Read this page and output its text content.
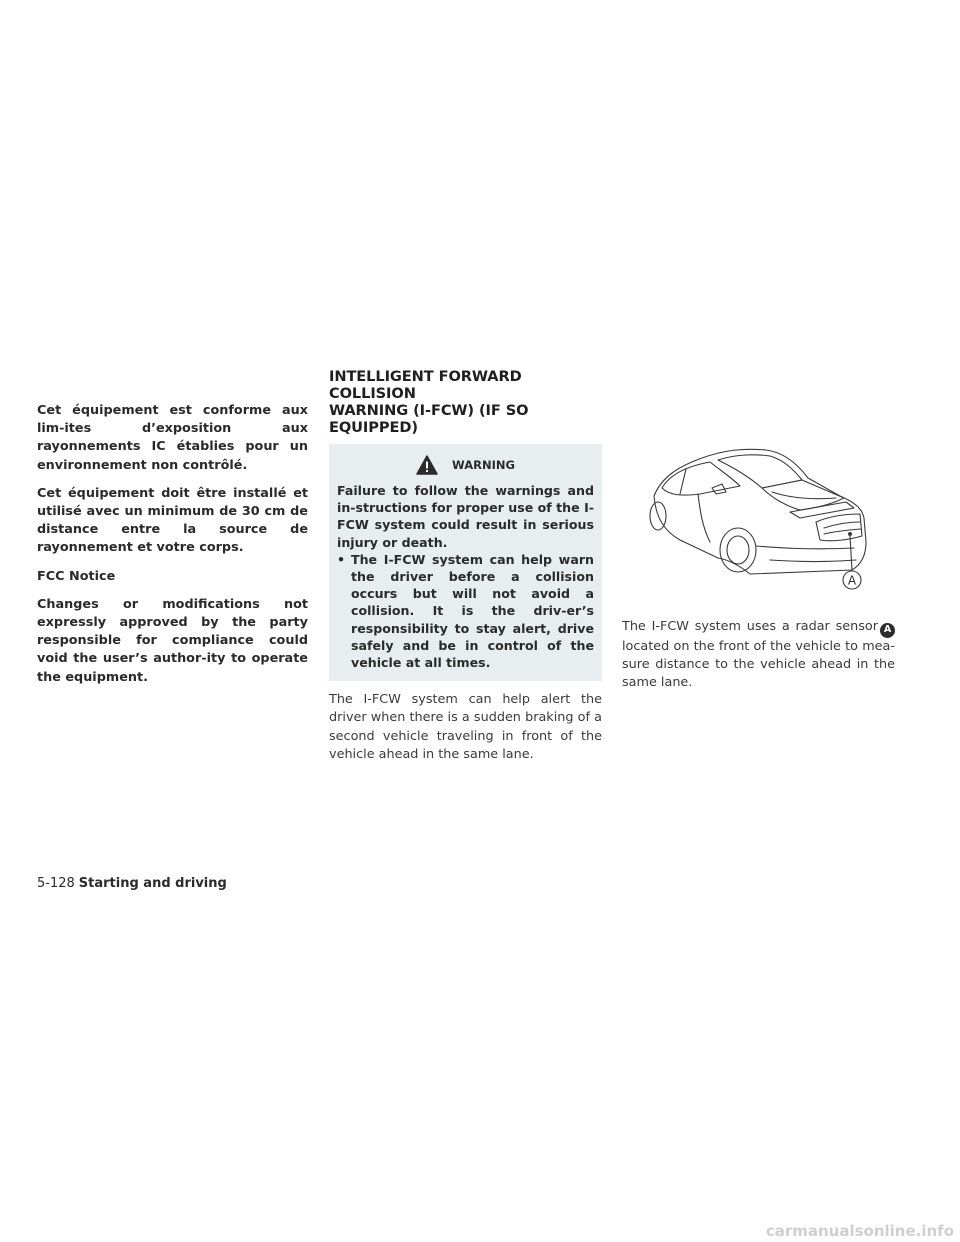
Cet équipement est conforme aux lim-ites d’exposition aux rayonnements IC établies pour un environnement non contrôlé.

Cet équipement doit être installé et utilisé avec un minimum de 30 cm de distance entre la source de rayonnement et votre corps.

FCC Notice

Changes or modifications not expressly approved by the party responsible for compliance could void the user’s author-ity to operate the equipment.

INTELLIGENT FORWARD COLLISION
WARNING (I-FCW) (IF SO EQUIPPED)
WARNING

Failure to follow the warnings and in-structions for proper use of the I-FCW system could result in serious injury or death.

• The I-FCW system can help warn the driver before a collision occurs but will not avoid a collision. It is the driv-er’s responsibility to stay alert, drive safely and be in control of the vehicle at all times.

The I-FCW system can help alert the driver when there is a sudden braking of a second vehicle traveling in front of the vehicle ahead in the same lane.

A

The I-FCW system uses a radar sensor A located on the front of the vehicle to mea-sure distance to the vehicle ahead in the same lane.

5-128 Starting and driving
carmanualsonline.info
